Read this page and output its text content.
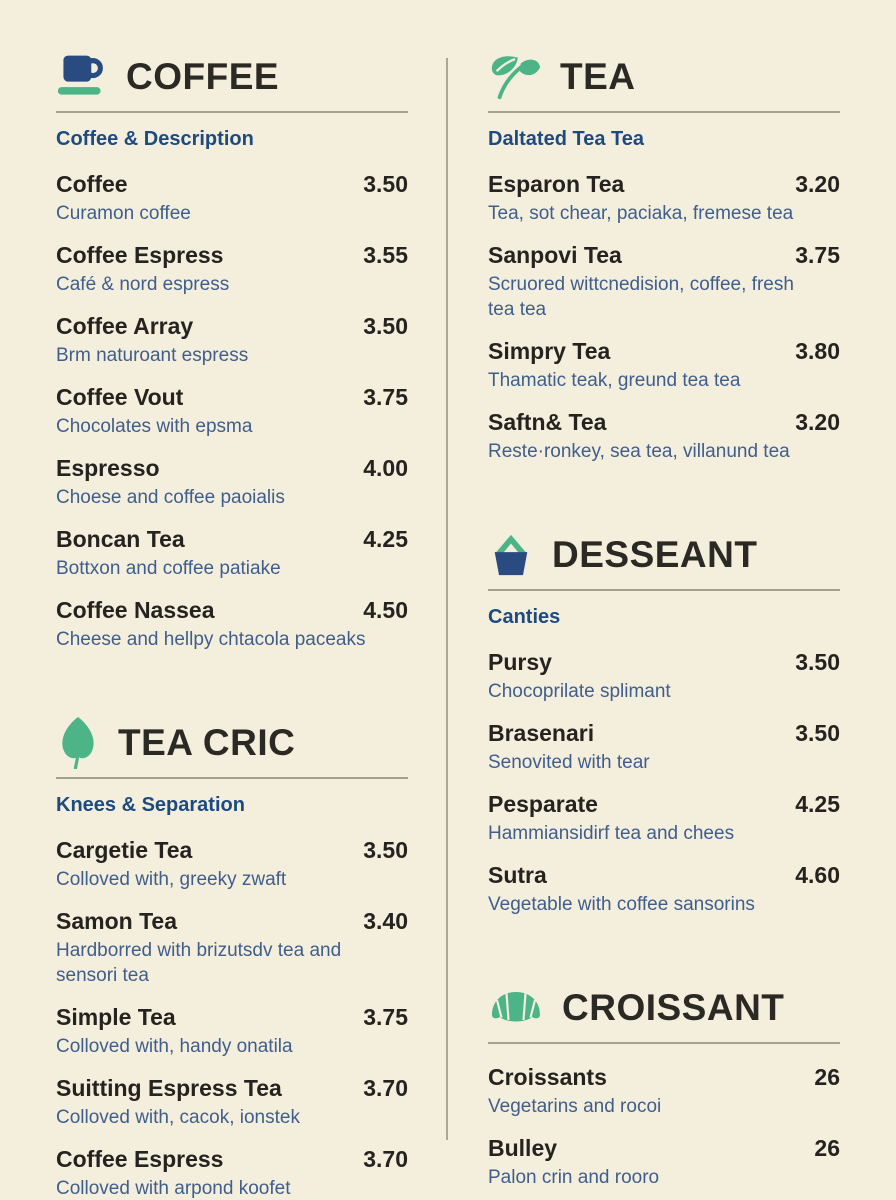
COFFEE
Coffee & Description
Coffee	3.50
Curamon coffee
Coffee Espress	3.55
Café & nord espress
Coffee Array	3.50
Brm naturoant espress
Coffee Vout	3.75
Chocolates with epsma
Espresso	4.00
Choese and coffee paoialis
Boncan Tea	4.25
Bottxon and coffee patiake
Coffee Nassea	4.50
Cheese and hellpy chtacola paceaks
TEA CRIC
Knees & Separation
Cargetie Tea	3.50
Colloved with, greeky zwaft
Samon Tea	3.40
Hardborred with brizutsdv tea and sensori tea
Simple Tea	3.75
Colloved with, handy onatila
Suitting Espress Tea	3.70
Colloved with, cacok, ionstek
Coffee Espress	3.70
Colloved with arpond koofet
TEA
Daltated Tea Tea
Esparon Tea	3.20
Tea, sot chear, paciaka, fremese tea
Sanpovi Tea	3.75
Scruored wittcnedision, coffee, fresh tea tea
Simpry Tea	3.80
Thamatic teak, greund tea tea
Saftn& Tea	3.20
Reste·ronkey, sea tea, villanund tea
DESSEANT
Canties
Pursy	3.50
Chocoprilate splimant
Brasenari	3.50
Senovited with tear
Pesparate	4.25
Hammiansidirf tea and chees
Sutra	4.60
Vegetable with coffee sansorins
CROISSANT
Croissants	26
Vegetarins and rocoi
Bulley	26
Palon crin and rooro
